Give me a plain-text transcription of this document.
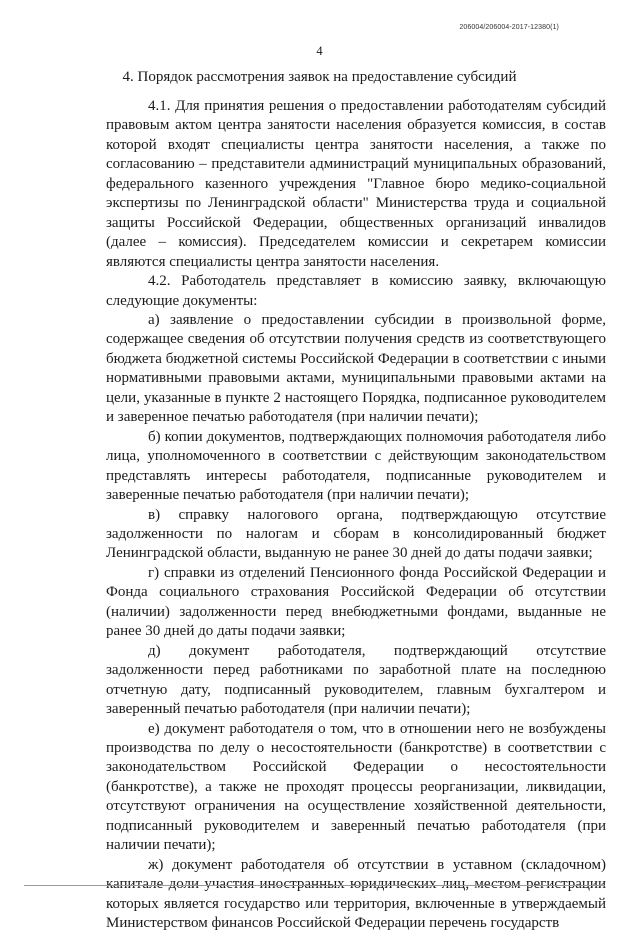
206004/206004-2017-12380(1)
4
4. Порядок рассмотрения заявок на предоставление субсидий

4.1. Для принятия решения о предоставлении работодателям субсидий правовым актом центра занятости населения образуется комиссия, в состав которой входят специалисты центра занятости населения, а также по согласованию – представители администраций муниципальных образований, федерального казенного учреждения "Главное бюро медико-социальной экспертизы по Ленинградской области" Министерства труда и социальной защиты Российской Федерации, общественных организаций инвалидов (далее – комиссия). Председателем комиссии и секретарем комиссии являются специалисты центра занятости населения.

4.2. Работодатель представляет в комиссию заявку, включающую следующие документы:

а) заявление о предоставлении субсидии в произвольной форме, содержащее сведения об отсутствии получения средств из соответствующего бюджета бюджетной системы Российской Федерации в соответствии с иными нормативными правовыми актами, муниципальными правовыми актами на цели, указанные в пункте 2 настоящего Порядка, подписанное руководителем и заверенное печатью работодателя (при наличии печати);

б) копии документов, подтверждающих полномочия работодателя либо лица, уполномоченного в соответствии с действующим законодательством представлять интересы работодателя, подписанные руководителем и заверенные печатью работодателя (при наличии печати);

в) справку налогового органа, подтверждающую отсутствие задолженности по налогам и сборам в консолидированный бюджет Ленинградской области, выданную не ранее 30 дней до даты подачи заявки;

г) справки из отделений Пенсионного фонда Российской Федерации и Фонда социального страхования Российской Федерации об отсутствии (наличии) задолженности перед внебюджетными фондами, выданные не ранее 30 дней до даты подачи заявки;

д) документ работодателя, подтверждающий отсутствие задолженности перед работниками по заработной плате на последнюю отчетную дату, подписанный руководителем, главным бухгалтером и заверенный печатью работодателя (при наличии печати);

е) документ работодателя о том, что в отношении него не возбуждены производства по делу о несостоятельности (банкротстве) в соответствии с законодательством Российской Федерации о несостоятельности (банкротстве), а также не проходят процессы реорганизации, ликвидации, отсутствуют ограничения на осуществление хозяйственной деятельности, подписанный руководителем и заверенный печатью работодателя (при наличии печати);

ж) документ работодателя об отсутствии в уставном (складочном) капитале доли участия иностранных юридических лиц, местом регистрации которых является государство или территория, включенные в утверждаемый Министерством финансов Российской Федерации перечень государств
